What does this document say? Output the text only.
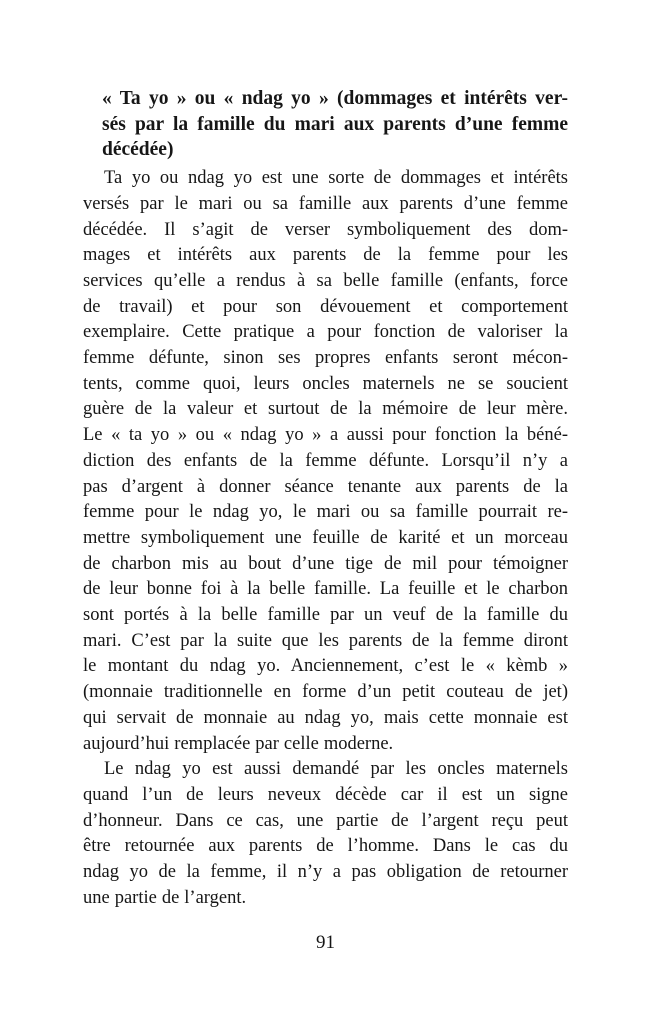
« Ta yo » ou « ndag yo » (dommages et intérêts ver-
sés par la famille du mari aux parents d’une femme
décédée)
Ta yo ou ndag yo est une sorte de dommages et intérêts
versés par le mari ou sa famille aux parents d’une femme
décédée. Il s’agit de verser symboliquement des dom-
mages et intérêts aux parents de la femme pour les
services qu’elle a rendus à sa belle famille (enfants, force
de travail) et pour son dévouement et comportement
exemplaire. Cette pratique a pour fonction de valoriser la
femme défunte, sinon ses propres enfants seront mécon-
tents, comme quoi, leurs oncles maternels ne se soucient
guère de la valeur et surtout de la mémoire de leur mère.
Le « ta yo » ou « ndag yo » a aussi pour fonction la béné-
diction des enfants de la femme défunte. Lorsqu’il n’y a
pas d’argent à donner séance tenante aux parents de la
femme pour le ndag yo, le mari ou sa famille pourrait re-
mettre symboliquement une feuille de karité et un morceau
de charbon mis au bout d’une tige de mil pour témoigner
de leur bonne foi à la belle famille. La feuille et le charbon
sont portés à la belle famille par un veuf de la famille du
mari. C’est par la suite que les parents de la femme diront
le montant du ndag yo. Anciennement, c’est le « kèmb »
(monnaie traditionnelle en forme d’un petit couteau de jet)
qui servait de monnaie au ndag yo, mais cette monnaie est
aujourd’hui remplacée par celle moderne.
Le ndag yo est aussi demandé par les oncles maternels
quand l’un de leurs neveux décède car il est un signe
d’honneur. Dans ce cas, une partie de l’argent reçu peut
être retournée aux parents de l’homme. Dans le cas du
ndag yo de la femme, il n’y a pas obligation de retourner
une partie de l’argent.
91
